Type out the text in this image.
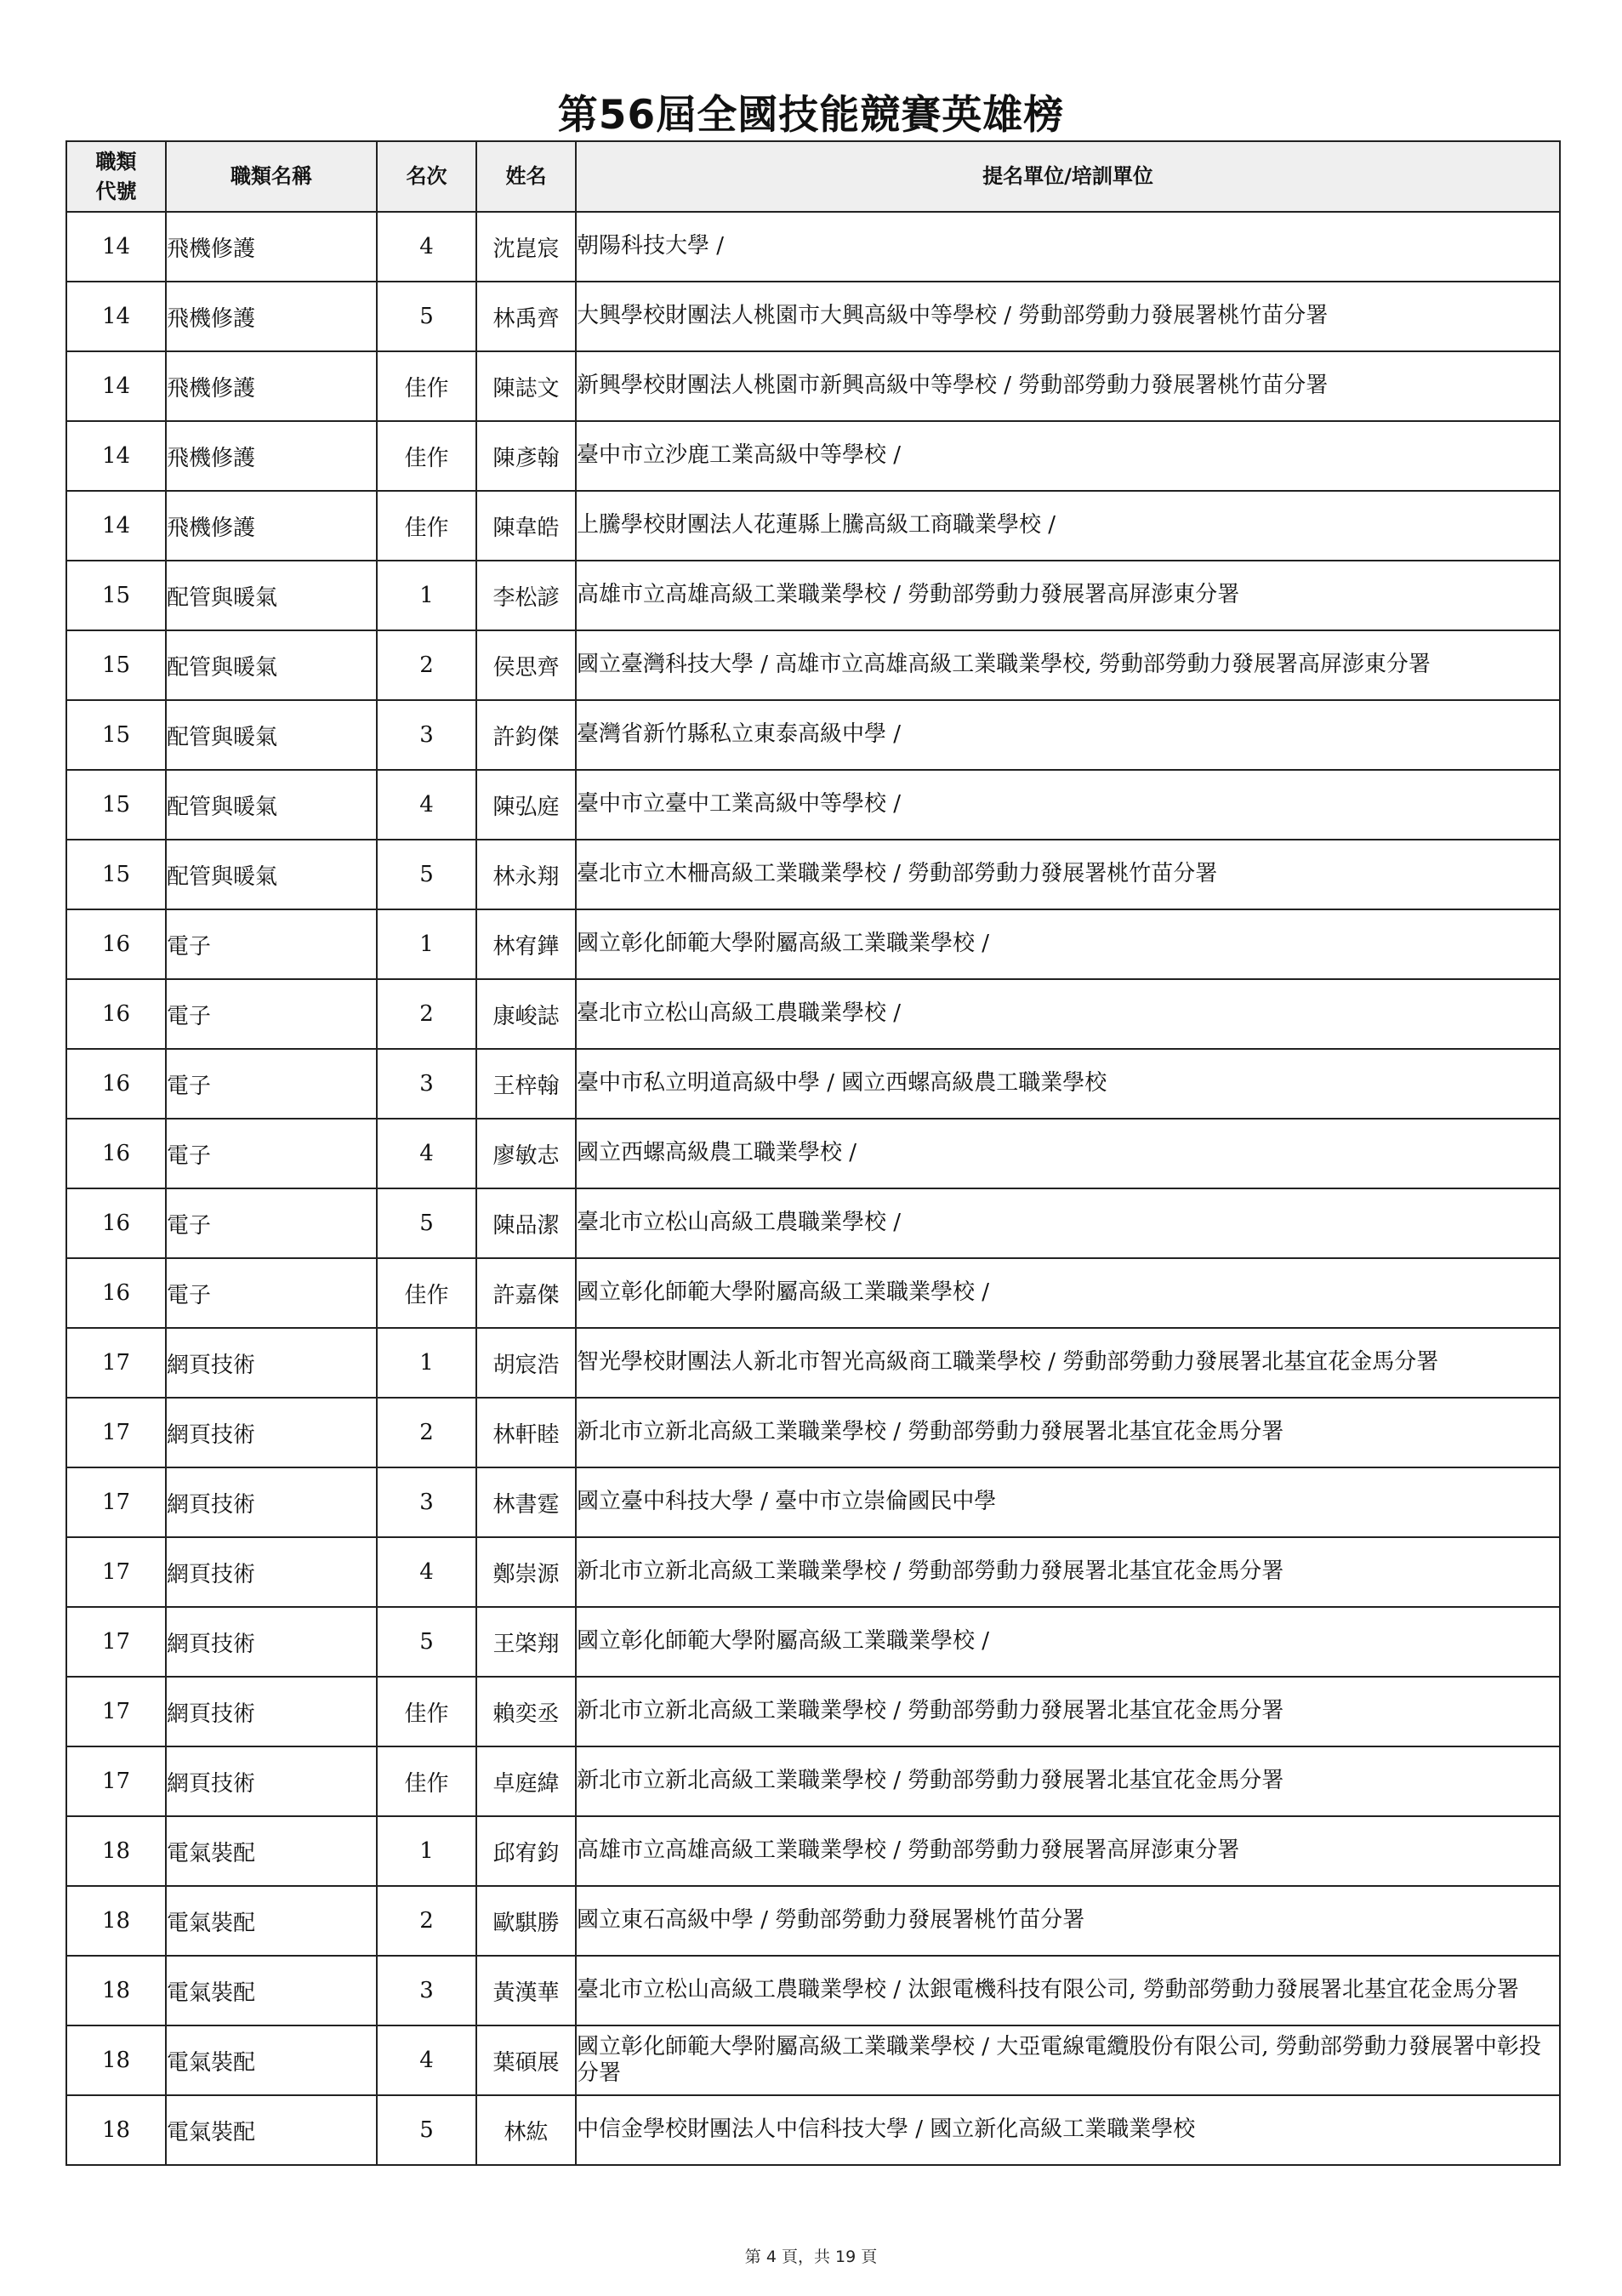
第56屆全國技能競賽英雄榜
職類
代號	職類名稱	名次	姓名	提名單位/培訓單位
14	飛機修護	4	沈崑宸	朝陽科技大學 /
14	飛機修護	5	林禹齊	大興學校財團法人桃園市大興高級中等學校 / 勞動部勞動力發展署桃竹苗分署
14	飛機修護	佳作	陳誌文	新興學校財團法人桃園市新興高級中等學校 / 勞動部勞動力發展署桃竹苗分署
14	飛機修護	佳作	陳彥翰	臺中市立沙鹿工業高級中等學校 /
14	飛機修護	佳作	陳韋皓	上騰學校財團法人花蓮縣上騰高級工商職業學校 /
15	配管與暖氣	1	李松諺	高雄市立高雄高級工業職業學校 / 勞動部勞動力發展署高屏澎東分署
15	配管與暖氣	2	侯思齊	國立臺灣科技大學 / 高雄市立高雄高級工業職業學校, 勞動部勞動力發展署高屏澎東分署
15	配管與暖氣	3	許鈞傑	臺灣省新竹縣私立東泰高級中學 /
15	配管與暖氣	4	陳弘庭	臺中市立臺中工業高級中等學校 /
15	配管與暖氣	5	林永翔	臺北市立木柵高級工業職業學校 / 勞動部勞動力發展署桃竹苗分署
16	電子	1	林宥鏵	國立彰化師範大學附屬高級工業職業學校 /
16	電子	2	康峻誌	臺北市立松山高級工農職業學校 /
16	電子	3	王梓翰	臺中市私立明道高級中學 / 國立西螺高級農工職業學校
16	電子	4	廖敏志	國立西螺高級農工職業學校 /
16	電子	5	陳品潔	臺北市立松山高級工農職業學校 /
16	電子	佳作	許嘉傑	國立彰化師範大學附屬高級工業職業學校 /
17	網頁技術	1	胡宸浩	智光學校財團法人新北市智光高級商工職業學校 / 勞動部勞動力發展署北基宜花金馬分署
17	網頁技術	2	林軒睦	新北市立新北高級工業職業學校 / 勞動部勞動力發展署北基宜花金馬分署
17	網頁技術	3	林書霆	國立臺中科技大學 / 臺中市立崇倫國民中學
17	網頁技術	4	鄭崇源	新北市立新北高級工業職業學校 / 勞動部勞動力發展署北基宜花金馬分署
17	網頁技術	5	王棨翔	國立彰化師範大學附屬高級工業職業學校 /
17	網頁技術	佳作	賴奕丞	新北市立新北高級工業職業學校 / 勞動部勞動力發展署北基宜花金馬分署
17	網頁技術	佳作	卓庭緯	新北市立新北高級工業職業學校 / 勞動部勞動力發展署北基宜花金馬分署
18	電氣裝配	1	邱宥鈞	高雄市立高雄高級工業職業學校 / 勞動部勞動力發展署高屏澎東分署
18	電氣裝配	2	歐騏勝	國立東石高級中學 / 勞動部勞動力發展署桃竹苗分署
18	電氣裝配	3	黃漢華	臺北市立松山高級工農職業學校 / 汰銀電機科技有限公司, 勞動部勞動力發展署北基宜花金馬分署
18	電氣裝配	4	葉碩展	國立彰化師範大學附屬高級工業職業學校 / 大亞電線電纜股份有限公司, 勞動部勞動力發展署中彰投分署
18	電氣裝配	5	林紘	中信金學校財團法人中信科技大學 / 國立新化高級工業職業學校
第 4 頁，共 19 頁
